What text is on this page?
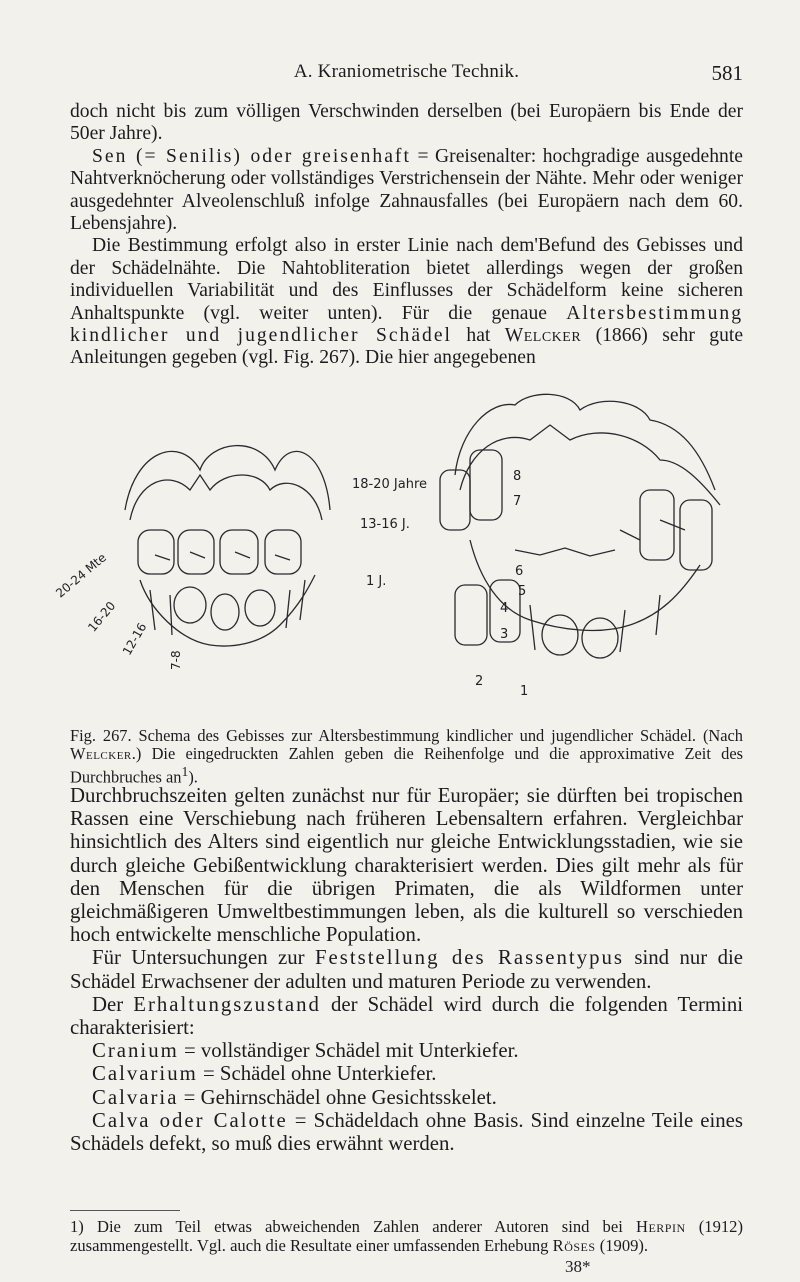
A. Kraniometrische Technik.	581

doch nicht bis zum völligen Verschwinden derselben (bei Europäern bis Ende der 50er Jahre).

Sen (= Senilis) oder greisenhaft = Greisenalter: hochgradige ausgedehnte Nahtverknöcherung oder vollständiges Verstrichensein der Nähte. Mehr oder weniger ausgedehnter Alveolenschluß infolge Zahnausfalles (bei Europäern nach dem 60. Lebensjahre).

Die Bestimmung erfolgt also in erster Linie nach dem'Befund des Gebisses und der Schädelnähte. Die Nahtobliteration bietet allerdings wegen der großen individuellen Variabilität und des Einflusses der Schädelform keine sicheren Anhaltspunkte (vgl. weiter unten). Für die genaue Altersbestimmung kindlicher und jugendlicher Schädel hat Welcker (1866) sehr gute Anleitungen gegeben (vgl. Fig. 267). Die hier angegebenen

18-20 Jahre
13-16 J.
1 J.
8
7
6
5
4
3
2
1
20-24 Mte
16-20
12-16
7-8
Fig. 267. Schema des Gebisses zur Altersbestimmung kindlicher und jugendlicher Schädel. (Nach Welcker.) Die eingedruckten Zahlen geben die Reihenfolge und die approximative Zeit des Durchbruches $an^1$).

Durchbruchszeiten gelten zunächst nur für Europäer; sie dürften bei tropischen Rassen eine Verschiebung nach früheren Lebensaltern erfahren. Vergleichbar hinsichtlich des Alters sind eigentlich nur gleiche Entwicklungsstadien, wie sie durch gleiche Gebißentwicklung charakterisiert werden. Dies gilt mehr als für den Menschen für die übrigen Primaten, die als Wildformen unter gleichmäßigeren Umweltbestimmungen leben, als die kulturell so verschieden hoch entwickelte menschliche Population.

Für Untersuchungen zur Feststellung des Rassentypus sind nur die Schädel Erwachsener der adulten und maturen Periode zu verwenden.

Der Erhaltungszustand der Schädel wird durch die folgenden Termini charakterisiert:

Cranium = vollständiger Schädel mit Unterkiefer.

Calvarium = Schädel ohne Unterkiefer.

Calvaria = Gehirnschädel ohne Gesichtsskelet.

Calva oder Calotte = Schädeldach ohne Basis. Sind einzelne Teile eines Schädels defekt, so muß dies erwähnt werden.

1) Die zum Teil etwas abweichenden Zahlen anderer Autoren sind bei Herpin (1912) zusammengestellt. Vgl. auch die Resultate einer umfassenden Erhebung Röses (1909).
38*
